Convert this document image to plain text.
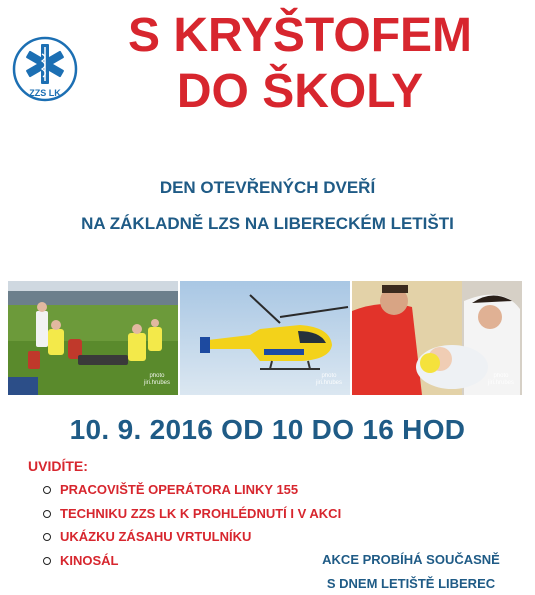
ZZS LK
S KRYŠTOFEM
DO ŠKOLY

DEN OTEVŘENÝCH DVEŘÍ

NA ZÁKLADNĚ LZS NA LIBERECKÉM LETIŠTI

photo
jiri.hrubes
photo
jiri.hrubes
photo
jiri.hrubes

10. 9. 2016 OD 10 DO 16 HOD

UVIDÍTE:

PRACOVIŠTĚ OPERÁTORA LINKY 155
TECHNIKU ZZS LK K PROHLÉDNUTÍ I V AKCI
UKÁZKU ZÁSAHU VRTULNÍKU
KINOSÁL	AKCE PROBÍHÁ SOUČASNĚ

S DNEM LETIŠTĚ LIBEREC
